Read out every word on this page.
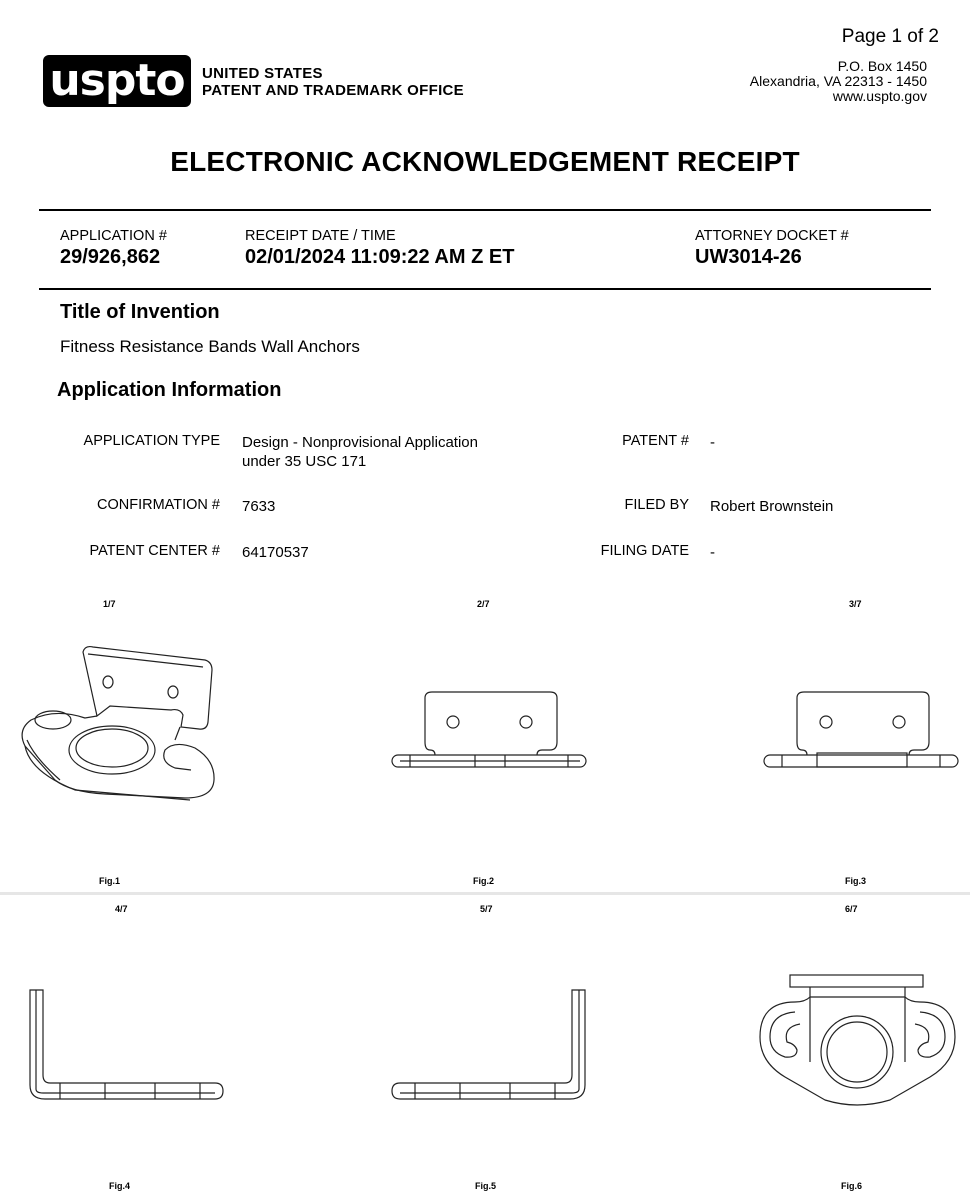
Page 1 of 2
P.O. Box 1450
Alexandria, VA 22313 - 1450
www.uspto.gov
uspto	UNITED STATES
PATENT AND TRADEMARK OFFICE
ELECTRONIC ACKNOWLEDGEMENT RECEIPT
APPLICATION #
29/926,862
RECEIPT DATE / TIME
02/01/2024 11:09:22 AM Z ET
ATTORNEY DOCKET #
UW3014-26
Title of Invention
Fitness Resistance Bands Wall Anchors
Application Information
APPLICATION TYPE Design - Nonprovisional Application
under 35 USC 171
PATENT # -
CONFIRMATION # 7633	FILED BY Robert Brownstein
PATENT CENTER # 64170537	FILING DATE -
1/7	2/7	3/7
Fig.1	Fig.2	Fig.3
4/7	5/7	6/7
Fig.4	Fig.5	Fig.6
